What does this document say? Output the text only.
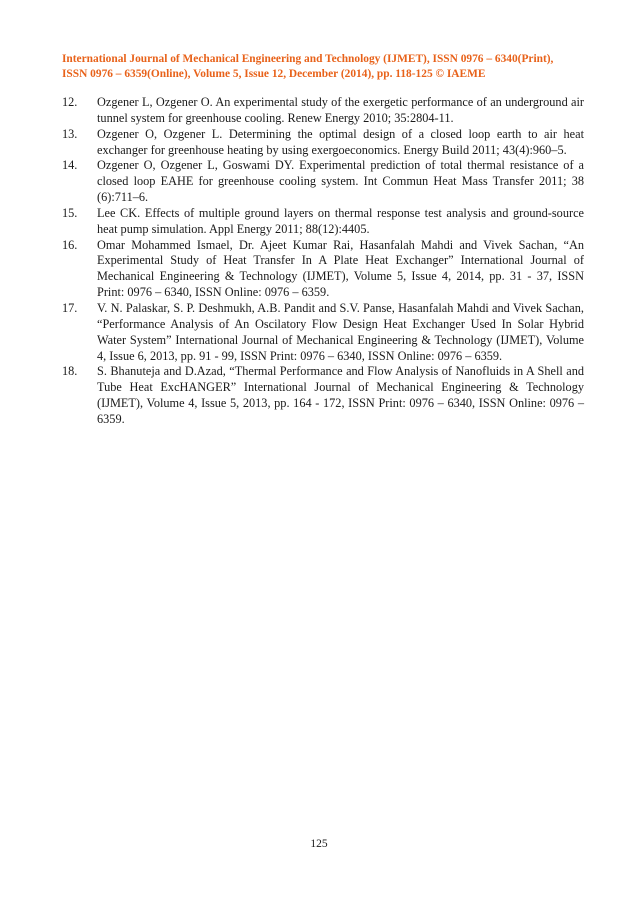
International Journal of Mechanical Engineering and Technology (IJMET), ISSN 0976 – 6340(Print),
ISSN 0976 – 6359(Online), Volume 5, Issue 12, December (2014), pp. 118-125 © IAEME
12.	Ozgener L, Ozgener O. An experimental study of the exergetic performance of an underground air tunnel system for greenhouse cooling. Renew Energy 2010; 35:2804-11.
13.	Ozgener O, Ozgener L. Determining the optimal design of a closed loop earth to air heat exchanger for greenhouse heating by using exergoeconomics. Energy Build 2011; 43(4):960–5.
14.	Ozgener O, Ozgener L, Goswami DY. Experimental prediction of total thermal resistance of a closed loop EAHE for greenhouse cooling system. Int Commun Heat Mass Transfer 2011; 38 (6):711–6.
15.	Lee CK. Effects of multiple ground layers on thermal response test analysis and ground-source heat pump simulation. Appl Energy 2011; 88(12):4405.
16.	Omar Mohammed Ismael, Dr. Ajeet Kumar Rai, Hasanfalah Mahdi and Vivek Sachan, “An Experimental Study of Heat Transfer In A Plate Heat Exchanger” International Journal of Mechanical Engineering & Technology (IJMET), Volume 5, Issue 4, 2014, pp. 31 - 37, ISSN Print: 0976 – 6340, ISSN Online: 0976 – 6359.
17.	V. N. Palaskar, S. P. Deshmukh, A.B. Pandit and S.V. Panse, Hasanfalah Mahdi and Vivek Sachan, “Performance Analysis of An Oscilatory Flow Design Heat Exchanger Used In Solar Hybrid Water System” International Journal of Mechanical Engineering & Technology (IJMET), Volume 4, Issue 6, 2013, pp. 91 - 99, ISSN Print: 0976 – 6340, ISSN Online: 0976 – 6359.
18.	S. Bhanuteja and D.Azad, “Thermal Performance and Flow Analysis of Nanofluids in A Shell and Tube Heat ExcHANGER” International Journal of Mechanical Engineering & Technology (IJMET), Volume 4, Issue 5, 2013, pp. 164 - 172, ISSN Print: 0976 – 6340, ISSN Online: 0976 – 6359.
125
